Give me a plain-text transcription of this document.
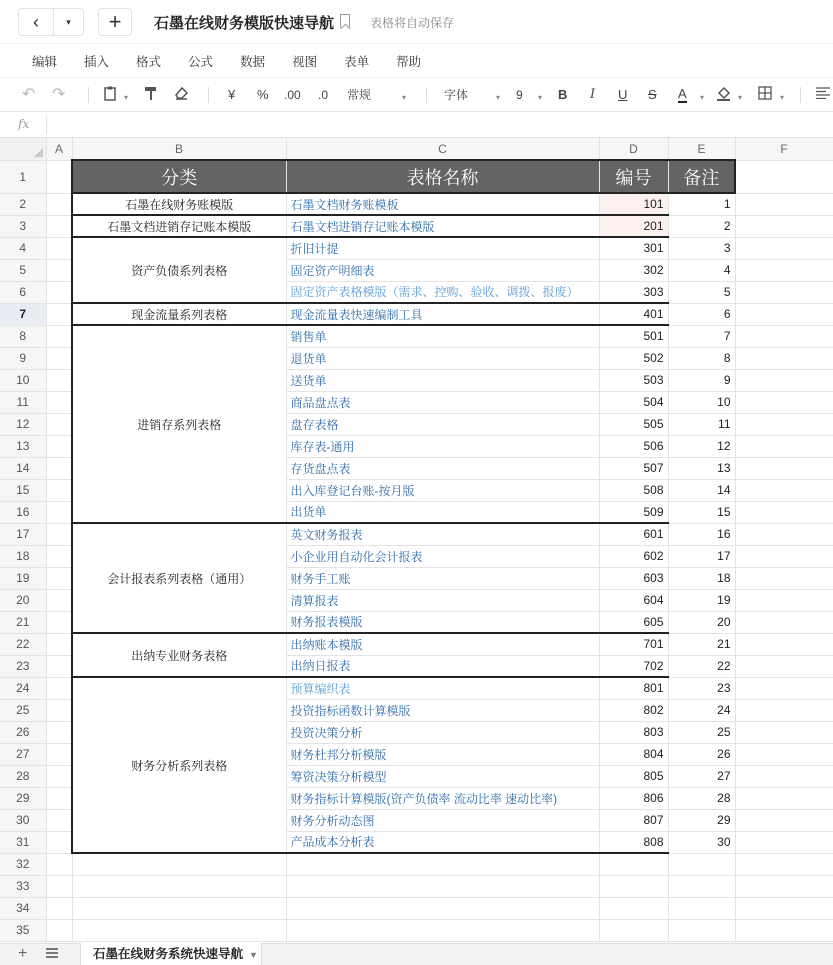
‹	▾	+	石墨在线财务模版快速导航	表格将自动保存
编辑 插入 格式 公式 数据 视图 表单 帮助
↶ ↷	▾	¥ % .00 .0 常规	▾	字体	▾ 9 ▾ B I U S A ▾	▾	▾
fx
	A	B	C	D	E	F
1		分类	表格名称	编号	备注	
2		石墨在线财务账模版	石墨文档财务账模板	101	1	
3		石墨文档进销存记账本模版	石墨文档进销存记账本模版	201	2	
4		资产负债系列表格	折旧计提	301	3	
5			固定资产明细表	302	4	
6			固定资产表格模版（需求、控购、验收、调拨、报废）	303	5	
7		现金流量系列表格	现金流量表快速编制工具	401	6	
8		进销存系列表格	销售单	501	7	
9			退货单	502	8	
10			送货单	503	9	
11			商品盘点表	504	10	
12			盘存表格	505	11	
13			库存表-通用	506	12	
14			存货盘点表	507	13	
15			出入库登记台账-按月版	508	14	
16			出货单	509	15	
17		会计报表系列表格（通用）	英文财务报表	601	16	
18			小企业用自动化会计报表	602	17	
19			财务手工账	603	18	
20			清算报表	604	19	
21			财务报表模版	605	20	
22		出纳专业财务表格	出纳账本模版	701	21	
23			出纳日报表	702	22	
24		财务分析系列表格	预算编织表	801	23	
25			投资指标函数计算模版	802	24	
26			投资决策分析	803	25	
27			财务杜邦分析模版	804	26	
28			筹资决策分析模型	805	27	
29			财务指标计算模版(资产负债率 流动比率 速动比率)	806	28	
30			财务分析动态图	807	29	
31			产品成本分析表	808	30	
32						
33						
34						
35						
+	石墨在线财务系统快速导航 ▼
